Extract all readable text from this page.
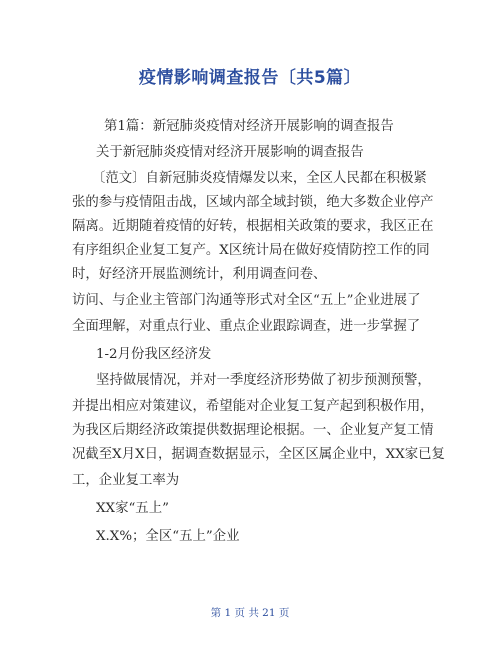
疫情影响调查报告〔共5篇〕
第1篇：新冠肺炎疫情对经济开展影响的调查报告
关于新冠肺炎疫情对经济开展影响的调查报告
〔范文〕自新冠肺炎疫情爆发以来，全区人民都在积极紧
张的参与疫情阻击战，区域内部全域封锁，绝大多数企业停产
隔离。近期随着疫情的好转，根据相关政策的要求，我区正在
有序组织企业复工复产。X区统计局在做好疫情防控工作的同
时，好经济开展监测统计，利用调查问卷、
访问、与企业主管部门沟通等形式对全区“五上”企业进展了
全面理解，对重点行业、重点企业跟踪调查，进一步掌握了
1-2月份我区经济发
坚持做展情况，并对一季度经济形势做了初步预测预警，
并提出相应对策建议，希望能对企业复工复产起到积极作用，
为我区后期经济政策提供数据理论根据。一、企业复产复工情
况截至X月X日，据调查数据显示，全区区属企业中，XX家已复
工，企业复工率为
XX家“五上”
X.X%；全区“五上”企业
第 1 页 共 21 页
